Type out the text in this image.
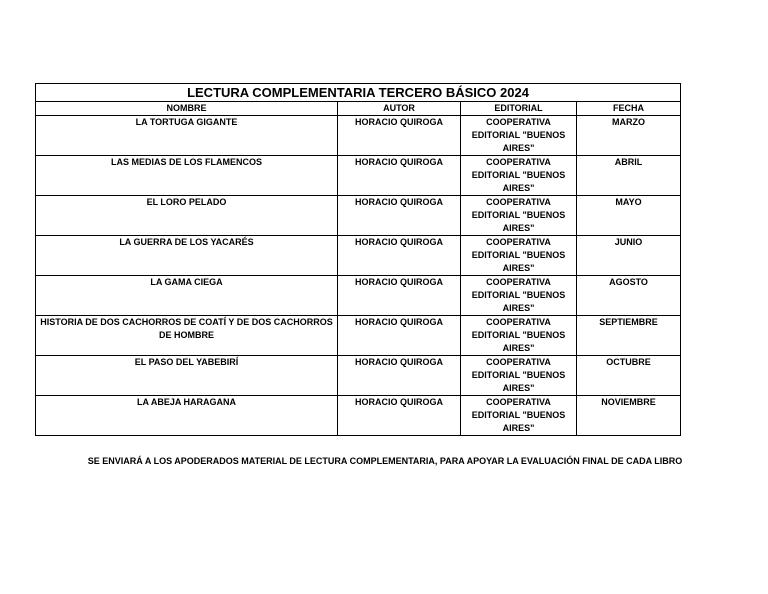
LECTURA COMPLEMENTARIA TERCERO BÁSICO 2024			
NOMBRE	AUTOR	EDITORIAL	FECHA
LA TORTUGA GIGANTE	HORACIO QUIROGA	COOPERATIVA EDITORIAL "BUENOS AIRES"	MARZO
LAS MEDIAS DE LOS FLAMENCOS	HORACIO QUIROGA	COOPERATIVA EDITORIAL "BUENOS AIRES"	ABRIL
EL LORO PELADO	HORACIO QUIROGA	COOPERATIVA EDITORIAL "BUENOS AIRES"	MAYO
LA GUERRA DE LOS YACARÉS	HORACIO QUIROGA	COOPERATIVA EDITORIAL "BUENOS AIRES"	JUNIO
LA GAMA CIEGA	HORACIO QUIROGA	COOPERATIVA EDITORIAL "BUENOS AIRES"	AGOSTO
HISTORIA DE DOS CACHORROS DE COATÍ Y DE DOS CACHORROS DE HOMBRE	HORACIO QUIROGA	COOPERATIVA EDITORIAL "BUENOS AIRES"	SEPTIEMBRE
EL PASO DEL YABEBIRÍ	HORACIO QUIROGA	COOPERATIVA EDITORIAL "BUENOS AIRES"	OCTUBRE
LA ABEJA HARAGANA	HORACIO QUIROGA	COOPERATIVA EDITORIAL "BUENOS AIRES"	NOVIEMBRE
SE ENVIARÁ A LOS APODERADOS MATERIAL DE LECTURA COMPLEMENTARIA, PARA APOYAR LA EVALUACIÓN FINAL DE CADA LIBRO
